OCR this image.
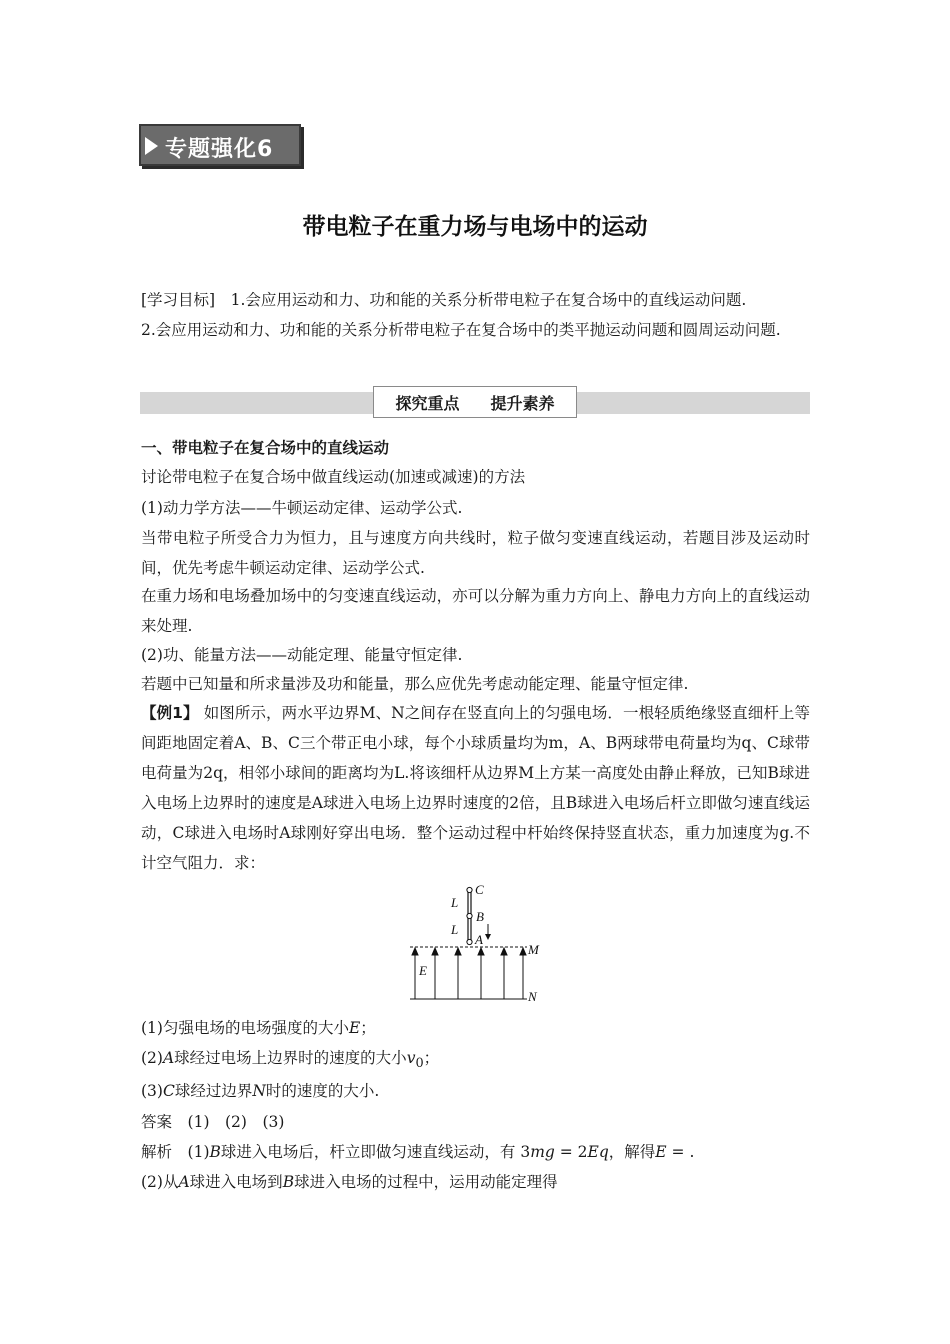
专题强化6
带电粒子在重力场与电场中的运动
[学习目标]　 1.会应用运动和力、功和能的关系分析带电粒子在复合场中的直线运动问题.
2.会应用运动和力、功和能的关系分析带电粒子在复合场中的类平抛运动问题和圆周运动问题.
探究重点 提升素养
一、带电粒子在复合场中的直线运动
讨论带电粒子在复合场中做直线运动(加速或减速)的方法
(1)动力学方法——牛顿运动定律、运动学公式.
当带电粒子所受合力为恒力，且与速度方向共线时，粒子做匀变速直线运动，若题目涉及运动时间，优先考虑牛顿运动定律、运动学公式.
在重力场和电场叠加场中的匀变速直线运动，亦可以分解为重力方向上、静电力方向上的直线运动来处理.
(2)功、能量方法——动能定理、能量守恒定律.
若题中已知量和所求量涉及功和能量，那么应优先考虑动能定理、能量守恒定律.
【例1】 如图所示，两水平边界M、N之间存在竖直向上的匀强电场．一根轻质绝缘竖直细杆上等间距地固定着A、B、C三个带正电小球，每个小球质量均为m，A、B两球带电荷量均为q、C球带电荷量为2q，相邻小球间的距离均为L.将该细杆从边界M上方某一高度处由静止释放，已知B球进入电场上边界时的速度是A球进入电场上边界时速度的2倍，且B球进入电场后杆立即做匀速直线运动，C球进入电场时A球刚好穿出电场．整个运动过程中杆始终保持竖直状态，重力加速度为g.不计空气阻力．求：
C
B
A
L
L
E
M
N
(1)匀强电场的电场强度的大小E；
(2)A球经过电场上边界时的速度的大小$v_0$；
(3)C球经过边界N时的速度的大小.
答案　 (1)　(2)　(3)
解析　 (1)B球进入电场后，杆立即做匀速直线运动，有 3mg = 2Eq，解得E = .
(2)从A球进入电场到B球进入电场的过程中，运用动能定理得
